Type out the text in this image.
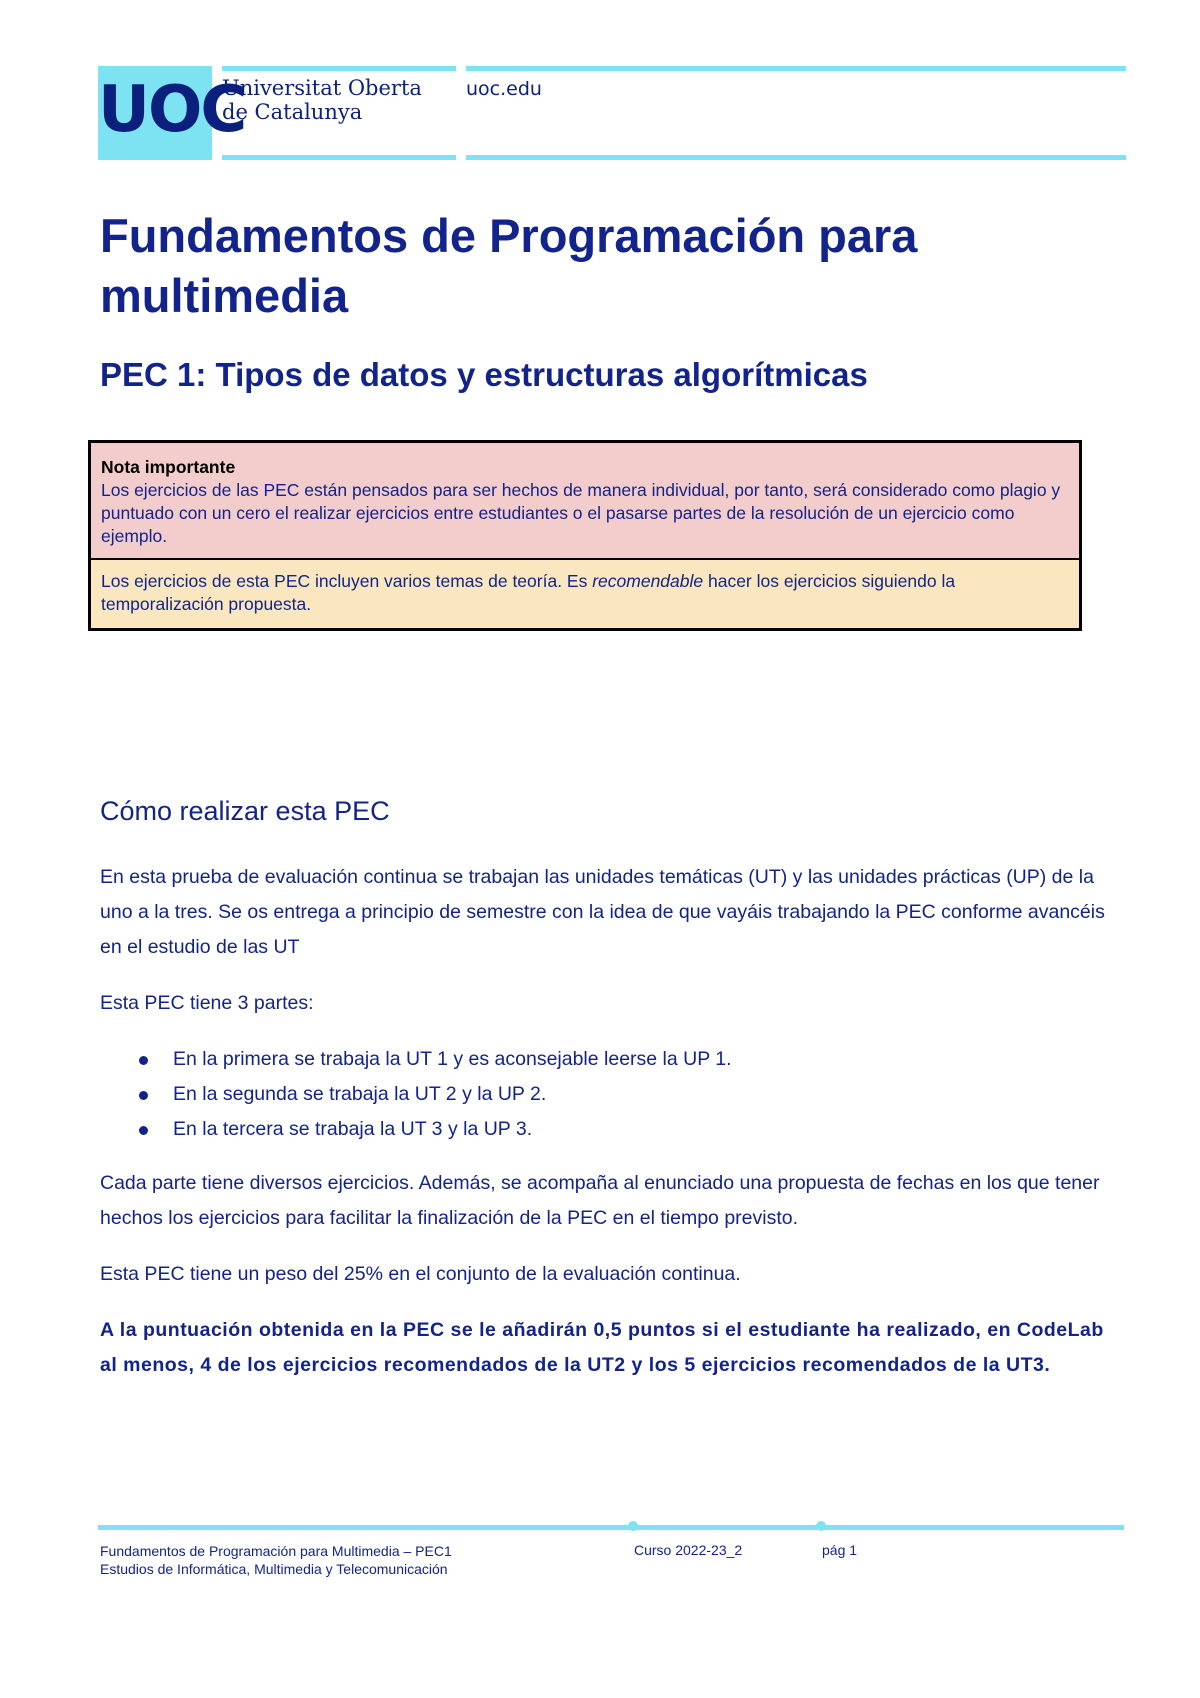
UOC
Universitat Oberta
de Catalunya
uoc.edu
Fundamentos de Programación para multimedia
PEC 1: Tipos de datos y estructuras algorítmicas
Nota importante
Los ejercicios de las PEC están pensados para ser hechos de manera individual, por tanto, será considerado como plagio y puntuado con un cero el realizar ejercicios entre estudiantes o el pasarse partes de la resolución de un ejercicio como ejemplo.
Los ejercicios de esta PEC incluyen varios temas de teoría. Es recomendable hacer los ejercicios siguiendo la temporalización propuesta.
Cómo realizar esta PEC

En esta prueba de evaluación continua se trabajan las unidades temáticas (UT) y las unidades prácticas (UP) de la uno a la tres. Se os entrega a principio de semestre con la idea de que vayáis trabajando la PEC conforme avancéis en el estudio de las UT

Esta PEC tiene 3 partes:

En la primera se trabaja la UT 1 y es aconsejable leerse la UP 1.
En la segunda se trabaja la UT 2 y la UP 2.
En la tercera se trabaja la UT 3 y la UP 3.

Cada parte tiene diversos ejercicios. Además, se acompaña al enunciado una propuesta de fechas en los que tener hechos los ejercicios para facilitar la finalización de la PEC en el tiempo previsto.

Esta PEC tiene un peso del 25% en el conjunto de la evaluación continua.

A la puntuación obtenida en la PEC se le añadirán 0,5 puntos si el estudiante ha realizado, en CodeLab al menos, 4 de los ejercicios recomendados de la UT2 y los 5 ejercicios recomendados de la UT3.

Fundamentos de Programación para Multimedia – PEC1
Estudios de Informática, Multimedia y Telecomunicación
Curso 2022-23_2	pág 1
